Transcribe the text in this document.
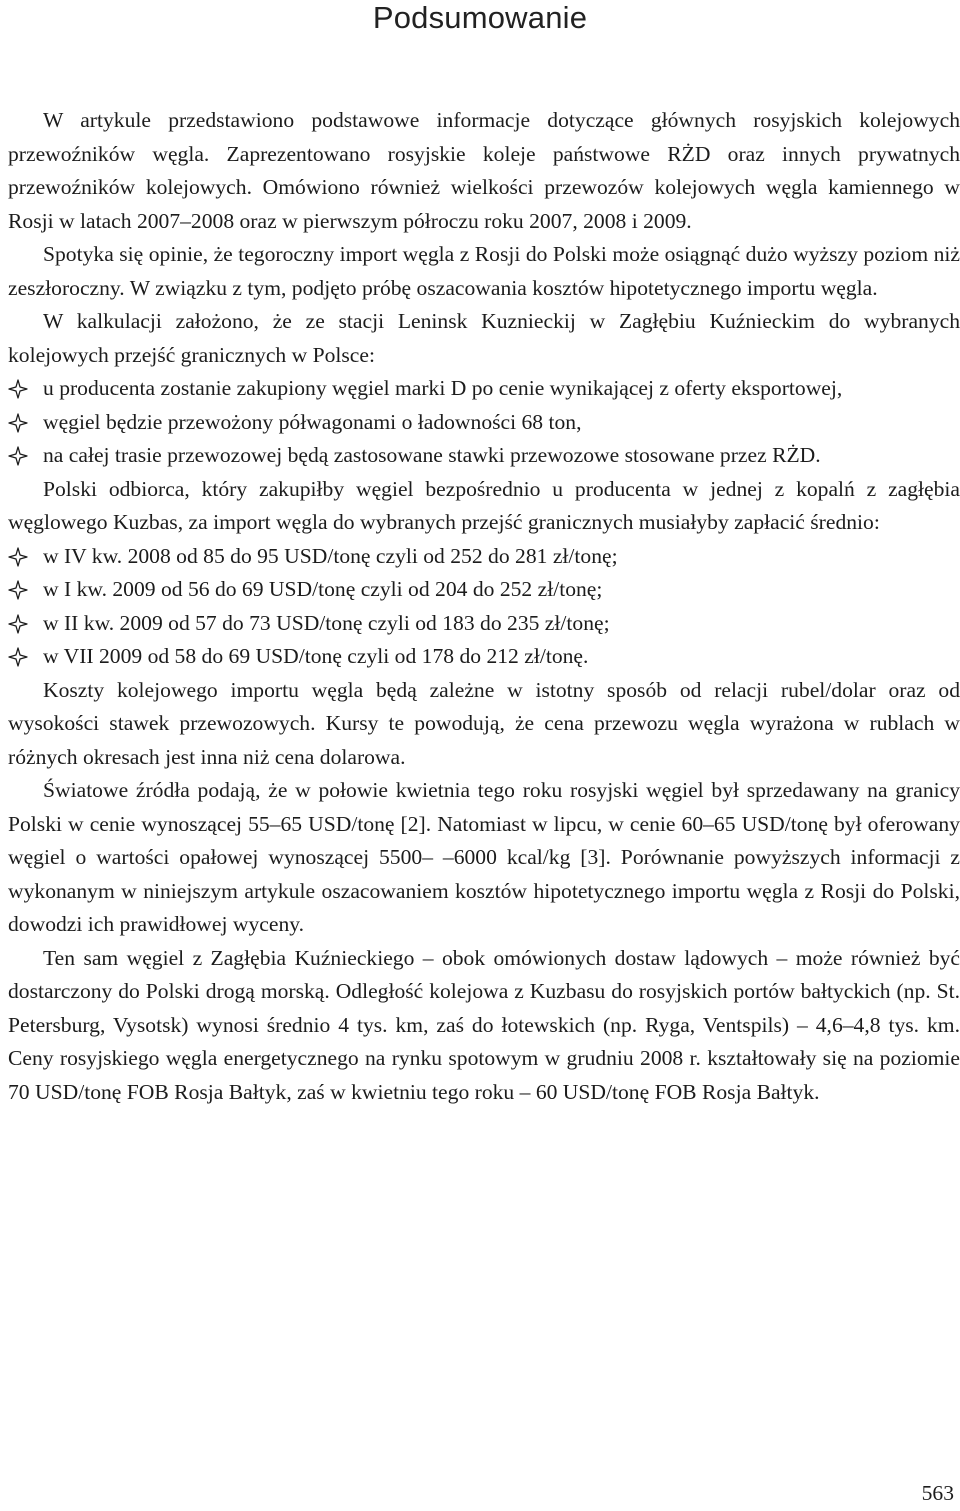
Podsumowanie

W artykule przedstawiono podstawowe informacje dotyczące głównych rosyjskich kolejowych przewoźników węgla. Zaprezentowano rosyjskie koleje państwowe RŻD oraz innych prywatnych przewoźników kolejowych. Omówiono również wielkości przewozów kolejowych węgla kamiennego w Rosji w latach 2007–2008 oraz w pierwszym półroczu roku 2007, 2008 i 2009.

Spotyka się opinie, że tegoroczny import węgla z Rosji do Polski może osiągnąć dużo wyższy poziom niż zeszłoroczny. W związku z tym, podjęto próbę oszacowania kosztów hipotetycznego importu węgla.

W kalkulacji założono, że ze stacji Leninsk Kuznieckij w Zagłębiu Kuźnieckim do wybranych kolejowych przejść granicznych w Polsce:

u producenta zostanie zakupiony węgiel marki D po cenie wynikającej z oferty eksportowej,
węgiel będzie przewożony półwagonami o ładowności 68 ton,
na całej trasie przewozowej będą zastosowane stawki przewozowe stosowane przez RŻD.

Polski odbiorca, który zakupiłby węgiel bezpośrednio u producenta w jednej z kopalń z zagłębia węglowego Kuzbas, za import węgla do wybranych przejść granicznych musiałyby zapłacić średnio:

w IV kw. 2008 od 85 do 95 USD/tonę czyli od 252 do 281 zł/tonę;
w I kw. 2009 od 56 do 69 USD/tonę czyli od 204 do 252 zł/tonę;
w II kw. 2009 od 57 do 73 USD/tonę czyli od 183 do 235 zł/tonę;
w VII 2009 od 58 do 69 USD/tonę czyli od 178 do 212 zł/tonę.

Koszty kolejowego importu węgla będą zależne w istotny sposób od relacji rubel/dolar oraz od wysokości stawek przewozowych. Kursy te powodują, że cena przewozu węgla wyrażona w rublach w różnych okresach jest inna niż cena dolarowa.

Światowe źródła podają, że w połowie kwietnia tego roku rosyjski węgiel był sprzedawany na granicy Polski w cenie wynoszącej 55–65 USD/tonę [2]. Natomiast w lipcu, w cenie 60–65 USD/tonę był oferowany węgiel o wartości opałowej wynoszącej 5500– –6000 kcal/kg [3]. Porównanie powyższych informacji z wykonanym w niniejszym artykule oszacowaniem kosztów hipotetycznego importu węgla z Rosji do Polski, dowodzi ich prawidłowej wyceny.

Ten sam węgiel z Zagłębia Kuźnieckiego – obok omówionych dostaw lądowych – może również być dostarczony do Polski drogą morską. Odległość kolejowa z Kuzbasu do rosyjskich portów bałtyckich (np. St. Petersburg, Vysotsk) wynosi średnio 4 tys. km, zaś do łotewskich (np. Ryga, Ventspils) – 4,6–4,8 tys. km. Ceny rosyjskiego węgla energetycznego na rynku spotowym w grudniu 2008 r. kształtowały się na poziomie 70 USD/tonę FOB Rosja Bałtyk, zaś w kwietniu tego roku – 60 USD/tonę FOB Rosja Bałtyk.

563
